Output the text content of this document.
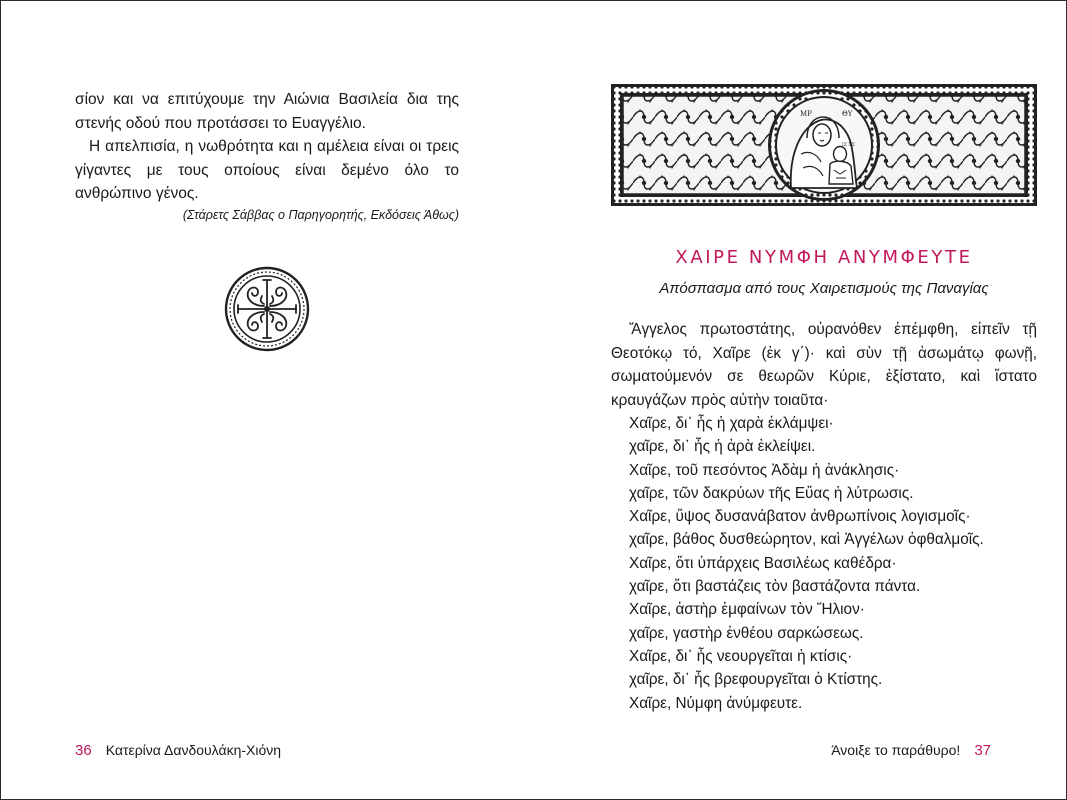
σίον και να επιτύχουμε την Αιώνια Βασιλεία δια της στενής οδού που προτάσσει το Ευαγγέλιο.

Η απελπισία, η νωθρότητα και η αμέλεια είναι οι τρεις γίγαντες με τους οποίους είναι δεμένο όλο το ανθρώπινο γένος.

(Στάρετς Σάββας ο Παρηγορητής, Εκδόσεις Άθως)
36 Κατερίνα Δανδουλάκη-Χιόνη
ΜΡ	ΘΥ
ΙΣ ΧΣ
ΧΑΙΡΕ ΝΥΜΦΗ ΑΝΥΜΦΕΥΤΕ
Απόσπασμα από τους Χαιρετισμούς της Παναγίας

Ἄγγελος πρωτοστάτης, οὐρανόθεν ἐπέμφθη, εἰπεῖν τῇ Θεοτόκῳ τό, Χαῖρε (ἐκ γ΄)· καὶ σὺν τῇ ἀσωμάτῳ φωνῇ, σωματούμενόν σε θεωρῶν Κύριε, ἐξίστατο, καὶ ἵστατο κραυγάζων πρὸς αὐτὴν τοιαῦτα·

Χαῖρε, δι᾽ ἧς ἡ χαρὰ ἐκλάμψει·
χαῖρε, δι᾽ ἧς ἡ ἀρὰ ἐκλείψει.
Χαῖρε, τοῦ πεσόντος Ἀδὰμ ἡ ἀνάκλησις·
χαῖρε, τῶν δακρύων τῆς Εὔας ἡ λύτρωσις.
Χαῖρε, ὕψος δυσανάβατον ἀνθρωπίνοις λογισμοῖς·
χαῖρε, βάθος δυσθεώρητον, καὶ Ἀγγέλων ὀφθαλμοῖς.
Χαῖρε, ὅτι ὑπάρχεις Βασιλέως καθέδρα·
χαῖρε, ὅτι βαστάζεις τὸν βαστάζοντα πάντα.
Χαῖρε, ἀστὴρ ἐμφαίνων τὸν Ἥλιον·
χαῖρε, γαστὴρ ἐνθέου σαρκώσεως.
Χαῖρε, δι᾽ ἧς νεουργεῖται ἡ κτίσις·
χαῖρε, δι᾽ ἧς βρεφουργεῖται ὁ Κτίστης.
Χαῖρε, Νύμφη ἀνύμφευτε.
Άνοιξε το παράθυρο! 37
